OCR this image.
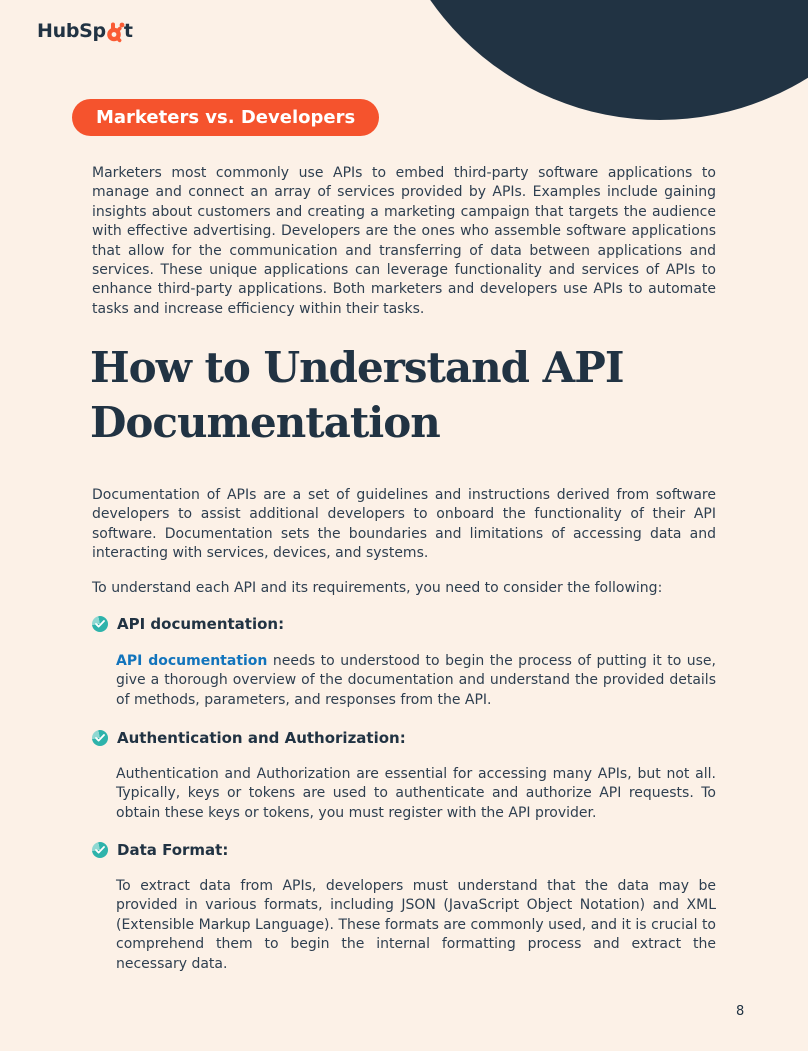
HubSp t
Marketers vs. Developers

Marketers most commonly use APIs to embed third-party software applications to manage and connect an array of services provided by APIs. Examples include gaining insights about customers and creating a marketing campaign that targets the audience with effective advertising. Developers are the ones who assemble software applications that allow for the communication and transferring of data between applications and services. These unique applications can leverage functionality and services of APIs to enhance third-party applications. Both marketers and developers use APIs to automate tasks and increase efficiency within their tasks.

How to Understand API Documentation

Documentation of APIs are a set of guidelines and instructions derived from software developers to assist additional developers to onboard the functionality of their API software. Documentation sets the boundaries and limitations of accessing data and interacting with services, devices, and systems.

To understand each API and its requirements, you need to consider the following:

API documentation:

API documentation needs to understood to begin the process of putting it to use, give a thorough overview of the documentation and understand the provided details of methods, parameters, and responses from the API.

Authentication and Authorization:

Authentication and Authorization are essential for accessing many APIs, but not all. Typically, keys or tokens are used to authenticate and authorize API requests. To obtain these keys or tokens, you must register with the API provider.

Data Format:

To extract data from APIs, developers must understand that the data may be provided in various formats, including JSON (JavaScript Object Notation) and XML (Extensible Markup Language). These formats are commonly used, and it is crucial to comprehend them to begin the internal formatting process and extract the necessary data.

8
